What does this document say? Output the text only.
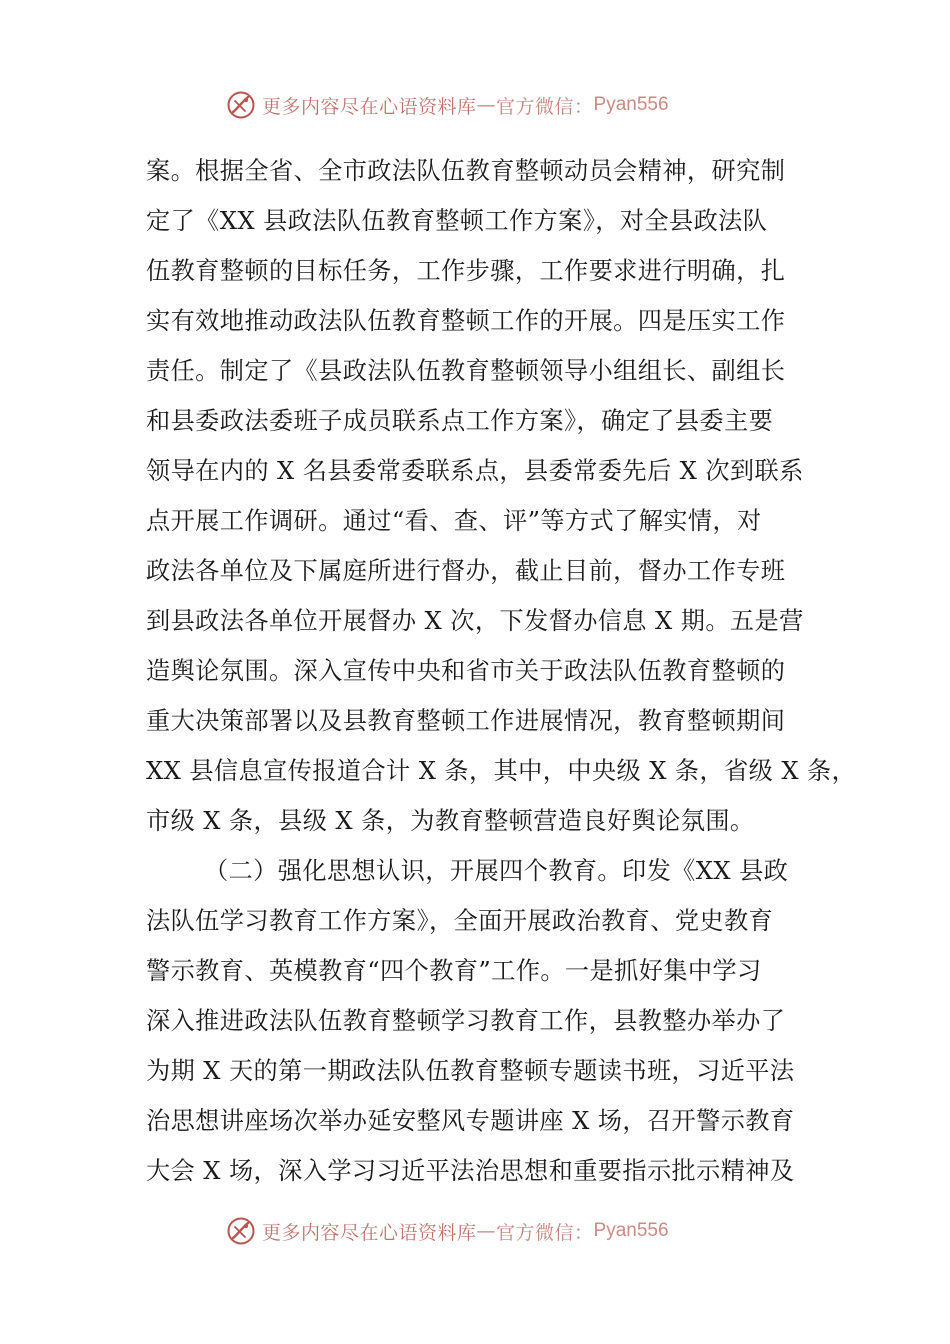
更多内容尽在心语资料库 — 官方微信： Pyan556
案。根据全省、全市政法队伍教育整顿动员会精神，研究制
定了《XX 县政法队伍教育整顿工作方案》，对全县政法队
伍教育整顿的目标任务，工作步骤，工作要求进行明确，扎
实有效地推动政法队伍教育整顿工作的开展。四是压实工作
责任。制定了《县政法队伍教育整顿领导小组组长、副组长
和县委政法委班子成员联系点工作方案》，确定了县委主要
领导在内的 X 名县委常委联系点，县委常委先后 X 次到联系
点开展工作调研。通过“看、查、评”等方式了解实情，对
政法各单位及下属庭所进行督办，截止目前，督办工作专班
到县政法各单位开展督办 X 次，下发督办信息 X 期。五是营
造舆论氛围。深入宣传中央和省市关于政法队伍教育整顿的
重大决策部署以及县教育整顿工作进展情况，教育整顿期间
XX 县信息宣传报道合计 X 条，其中，中央级 X 条，省级 X 条，
市级 X 条，县级 X 条，为教育整顿营造良好舆论氛围。
（二）强化思想认识，开展四个教育。印发《XX 县政
法队伍学习教育工作方案》，全面开展政治教育、党史教育
警示教育、英模教育“四个教育”工作。一是抓好集中学习
深入推进政法队伍教育整顿学习教育工作，县教整办举办了
为期 X 天的第一期政法队伍教育整顿专题读书班，习近平法
治思想讲座场次举办延安整风专题讲座 X 场，召开警示教育
大会 X 场，深入学习习近平法治思想和重要指示批示精神及
更多内容尽在心语资料库 — 官方微信： Pyan556
